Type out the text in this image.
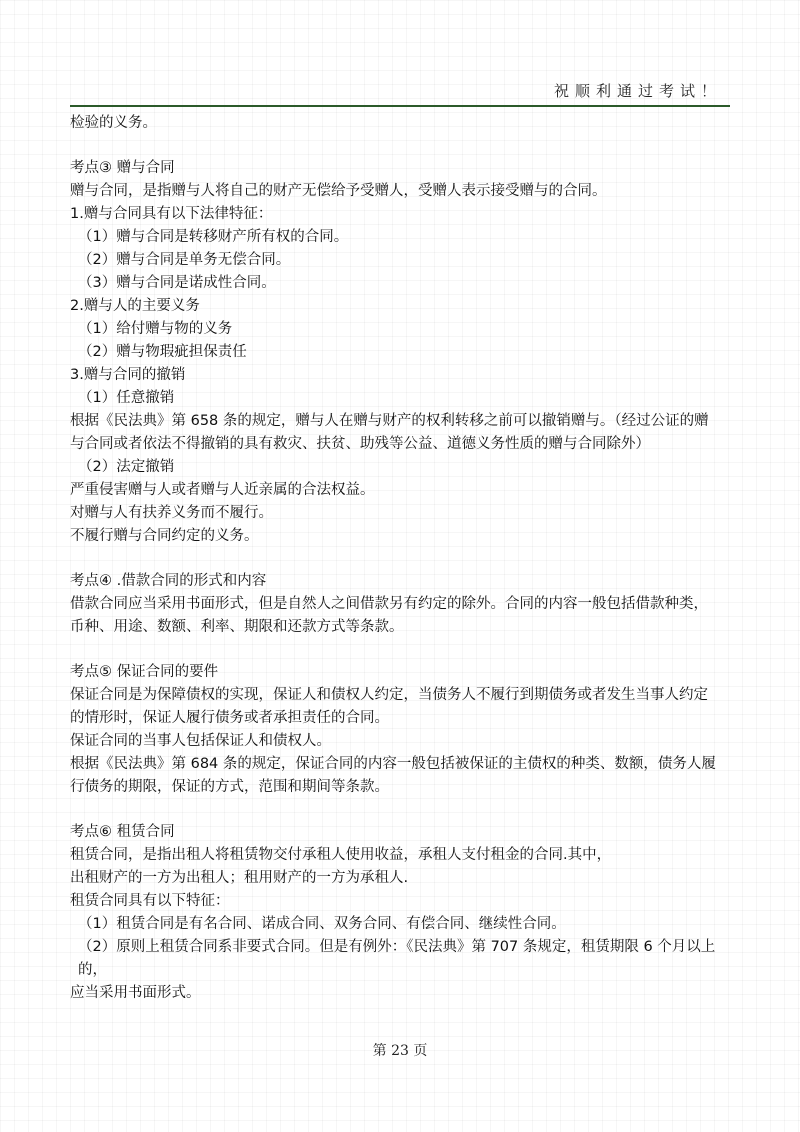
祝顺利通过考试！

检验的义务。

考点③ 赠与合同

赠与合同，是指赠与人将自己的财产无偿给予受赠人，受赠人表示接受赠与的合同。

1.赠与合同具有以下法律特征：

（1）赠与合同是转移财产所有权的合同。

（2）赠与合同是单务无偿合同。

（3）赠与合同是诺成性合同。

2.赠与人的主要义务

（1）给付赠与物的义务

（2）赠与物瑕疵担保责任

3.赠与合同的撤销

（1）任意撤销

根据《民法典》第 658 条的规定，赠与人在赠与财产的权利转移之前可以撤销赠与。（经过公证的赠

与合同或者依法不得撤销的具有救灾、扶贫、助残等公益、道德义务性质的赠与合同除外）

（2）法定撤销

严重侵害赠与人或者赠与人近亲属的合法权益。

对赠与人有扶养义务而不履行。

不履行赠与合同约定的义务。

考点④ .借款合同的形式和内容

借款合同应当采用书面形式，但是自然人之间借款另有约定的除外。合同的内容一般包括借款种类，

币种、用途、数额、利率、期限和还款方式等条款。

考点⑤ 保证合同的要件

保证合同是为保障债权的实现，保证人和债权人约定，当债务人不履行到期债务或者发生当事人约定

的情形时，保证人履行债务或者承担责任的合同。

保证合同的当事人包括保证人和债权人。

根据《民法典》第 684 条的规定，保证合同的内容一般包括被保证的主债权的种类、数额，债务人履

行债务的期限，保证的方式，范围和期间等条款。

考点⑥ 租赁合同

租赁合同，是指出租人将租赁物交付承租人使用收益，承租人支付租金的合同.其中，

出租财产的一方为出租人；租用财产的一方为承租人.

租赁合同具有以下特征：

（1）租赁合同是有名合同、诺成合同、双务合同、有偿合同、继续性合同。

（2）原则上租赁合同系非要式合同。但是有例外：《民法典》第 707 条规定，租赁期限 6 个月以上的，

应当采用书面形式。

第 23 页
